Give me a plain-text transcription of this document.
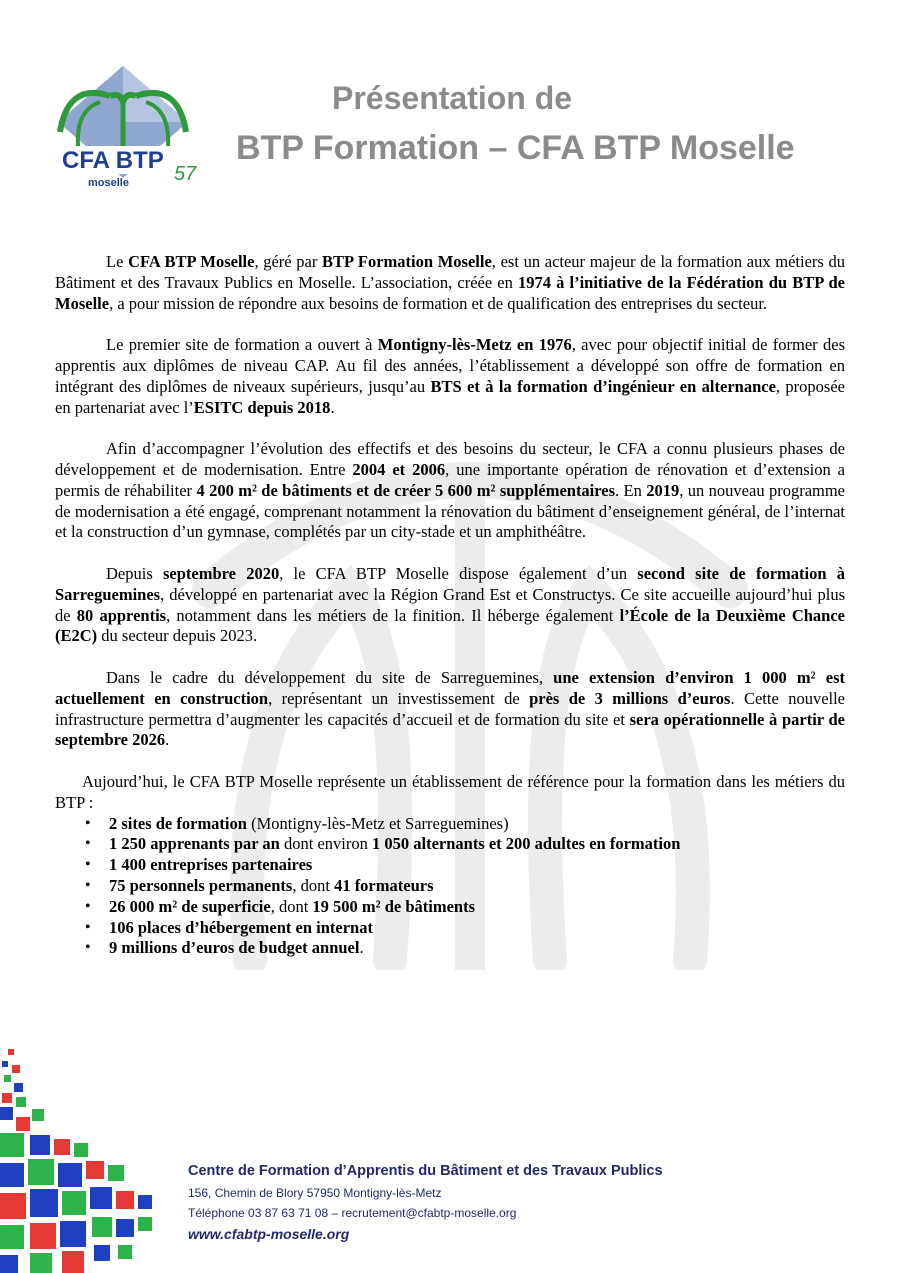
CFA BTP
moselle 57
Présentation de
BTP Formation – CFA BTP Moselle

Le CFA BTP Moselle, géré par BTP Formation Moselle, est un acteur majeur de la formation aux métiers du Bâtiment et des Travaux Publics en Moselle. L’association, créée en 1974 à l’initiative de la Fédération du BTP de Moselle, a pour mission de répondre aux besoins de formation et de qualification des entreprises du secteur.

Le premier site de formation a ouvert à Montigny-lès-Metz en 1976, avec pour objectif initial de former des apprentis aux diplômes de niveau CAP. Au fil des années, l’établissement a développé son offre de formation en intégrant des diplômes de niveaux supérieurs, jusqu’au BTS et à la formation d’ingénieur en alternance, proposée en partenariat avec l’ESITC depuis 2018.

Afin d’accompagner l’évolution des effectifs et des besoins du secteur, le CFA a connu plusieurs phases de développement et de modernisation. Entre 2004 et 2006, une importante opération de rénovation et d’extension a permis de réhabiliter 4 200 m² de bâtiments et de créer 5 600 m² supplémentaires. En 2019, un nouveau programme de modernisation a été engagé, comprenant notamment la rénovation du bâtiment d’enseignement général, de l’internat et la construction d’un gymnase, complétés par un city-stade et un amphithéâtre.

Depuis septembre 2020, le CFA BTP Moselle dispose également d’un second site de formation à Sarreguemines, développé en partenariat avec la Région Grand Est et Constructys. Ce site accueille aujourd’hui plus de 80 apprentis, notamment dans les métiers de la finition. Il héberge également l’École de la Deuxième Chance (E2C) du secteur depuis 2023.

Dans le cadre du développement du site de Sarreguemines, une extension d’environ 1 000 m² est actuellement en construction, représentant un investissement de près de 3 millions d’euros. Cette nouvelle infrastructure permettra d’augmenter les capacités d’accueil et de formation du site et sera opérationnelle à partir de septembre 2026.

Aujourd’hui, le CFA BTP Moselle représente un établissement de référence pour la formation dans les métiers du BTP :

• 2 sites de formation (Montigny-lès-Metz et Sarreguemines)
• 1 250 apprenants par an dont environ 1 050 alternants et 200 adultes en formation
• 1 400 entreprises partenaires
• 75 personnels permanents, dont 41 formateurs
• 26 000 m² de superficie, dont 19 500 m² de bâtiments
• 106 places d’hébergement en internat
• 9 millions d’euros de budget annuel.
Centre de Formation d’Apprentis du Bâtiment et des Travaux Publics
156, Chemin de Blory 57950 Montigny-lès-Metz
Téléphone 03 87 63 71 08 – recrutement@cfabtp-moselle.org
www.cfabtp-moselle.org
